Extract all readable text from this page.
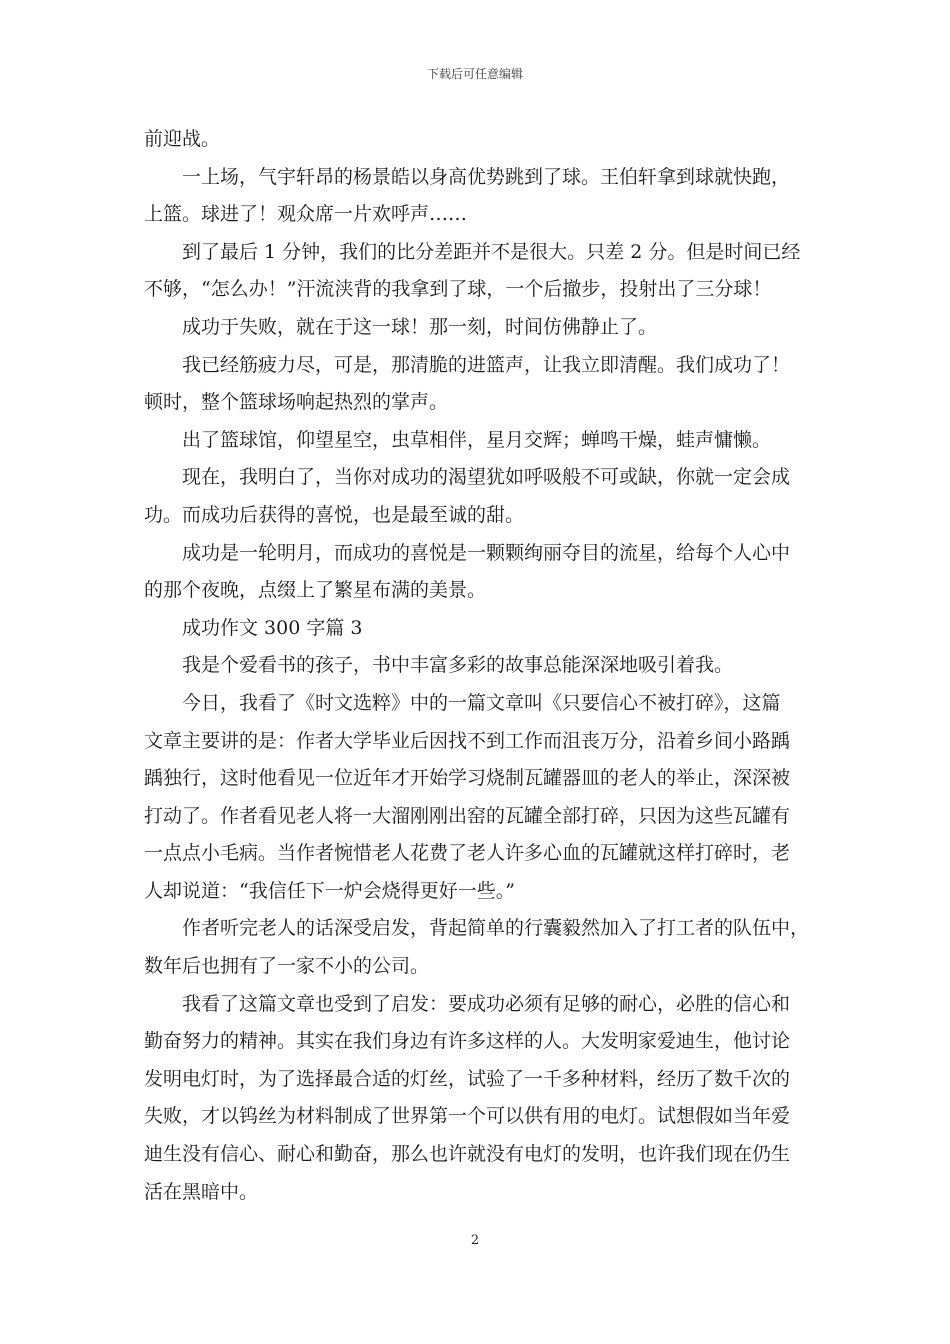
下载后可任意编辑
前迎战。
一上场，气宇轩昂的杨景皓以身高优势跳到了球。王伯轩拿到球就快跑，
上篮。球进了！观众席一片欢呼声……
到了最后 1 分钟，我们的比分差距并不是很大。只差 2 分。但是时间已经
不够，“怎么办！”汗流浃背的我拿到了球，一个后撤步，投射出了三分球！
成功于失败，就在于这一球！那一刻，时间仿佛静止了。
我已经筋疲力尽，可是，那清脆的进篮声，让我立即清醒。我们成功了！
顿时，整个篮球场响起热烈的掌声。
出了篮球馆，仰望星空，虫草相伴，星月交辉；蝉鸣干燥，蛙声慵懒。
现在，我明白了，当你对成功的渴望犹如呼吸般不可或缺，你就一定会成
功。而成功后获得的喜悦，也是最至诚的甜。
成功是一轮明月，而成功的喜悦是一颗颗绚丽夺目的流星，给每个人心中
的那个夜晚，点缀上了繁星布满的美景。
成功作文 300 字篇 3
我是个爱看书的孩子，书中丰富多彩的故事总能深深地吸引着我。
今日，我看了《时文选粹》中的一篇文章叫《只要信心不被打碎》，这篇
文章主要讲的是：作者大学毕业后因找不到工作而沮丧万分，沿着乡间小路踽
踽独行，这时他看见一位近年才开始学习烧制瓦罐器皿的老人的举止，深深被
打动了。作者看见老人将一大溜刚刚出窑的瓦罐全部打碎，只因为这些瓦罐有
一点点小毛病。当作者惋惜老人花费了老人许多心血的瓦罐就这样打碎时，老
人却说道：“我信任下一炉会烧得更好一些。”
作者听完老人的话深受启发，背起简单的行囊毅然加入了打工者的队伍中，
数年后也拥有了一家不小的公司。
我看了这篇文章也受到了启发：要成功必须有足够的耐心，必胜的信心和
勤奋努力的精神。其实在我们身边有许多这样的人。大发明家爱迪生，他讨论
发明电灯时，为了选择最合适的灯丝，试验了一千多种材料，经历了数千次的
失败，才以钨丝为材料制成了世界第一个可以供有用的电灯。试想假如当年爱
迪生没有信心、耐心和勤奋，那么也许就没有电灯的发明，也许我们现在仍生
活在黑暗中。
2
